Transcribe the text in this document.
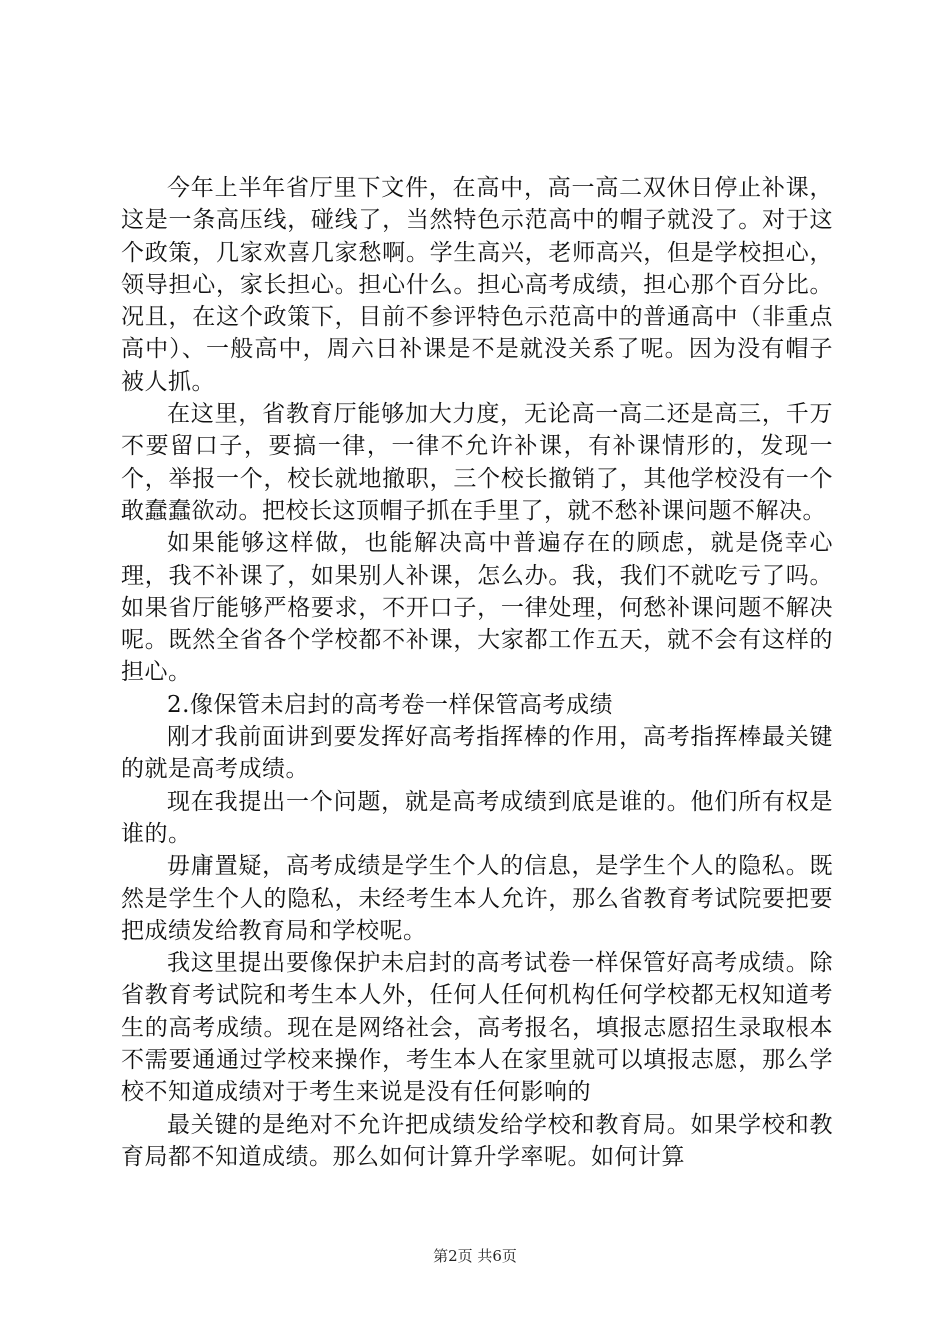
今年上半年省厅里下文件，在高中，高一高二双休日停止补课，这是一条高压线，碰线了，当然特色示范高中的帽子就没了。对于这个政策，几家欢喜几家愁啊。学生高兴，老师高兴，但是学校担心，领导担心，家长担心。担心什么。担心高考成绩，担心那个百分比。况且，在这个政策下，目前不参评特色示范高中的普通高中（非重点高中）、一般高中，周六日补课是不是就没关系了呢。因为没有帽子被人抓。

在这里，省教育厅能够加大力度，无论高一高二还是高三，千万不要留口子，要搞一律，一律不允许补课，有补课情形的，发现一个，举报一个，校长就地撤职，三个校长撤销了，其他学校没有一个敢蠢蠢欲动。把校长这顶帽子抓在手里了，就不愁补课问题不解决。

如果能够这样做，也能解决高中普遍存在的顾虑，就是侥幸心理，我不补课了，如果别人补课，怎么办。我，我们不就吃亏了吗。如果省厅能够严格要求，不开口子，一律处理，何愁补课问题不解决呢。既然全省各个学校都不补课，大家都工作五天，就不会有这样的担心。

2.像保管未启封的高考卷一样保管高考成绩

刚才我前面讲到要发挥好高考指挥棒的作用，高考指挥棒最关键的就是高考成绩。

现在我提出一个问题，就是高考成绩到底是谁的。他们所有权是谁的。

毋庸置疑，高考成绩是学生个人的信息，是学生个人的隐私。既然是学生个人的隐私，未经考生本人允许，那么省教育考试院要把要把成绩发给教育局和学校呢。

我这里提出要像保护未启封的高考试卷一样保管好高考成绩。除省教育考试院和考生本人外，任何人任何机构任何学校都无权知道考生的高考成绩。现在是网络社会，高考报名，填报志愿招生录取根本不需要通通过学校来操作，考生本人在家里就可以填报志愿，那么学校不知道成绩对于考生来说是没有任何影响的

最关键的是绝对不允许把成绩发给学校和教育局。如果学校和教育局都不知道成绩。那么如何计算升学率呢。如何计算

第2页 共6页
